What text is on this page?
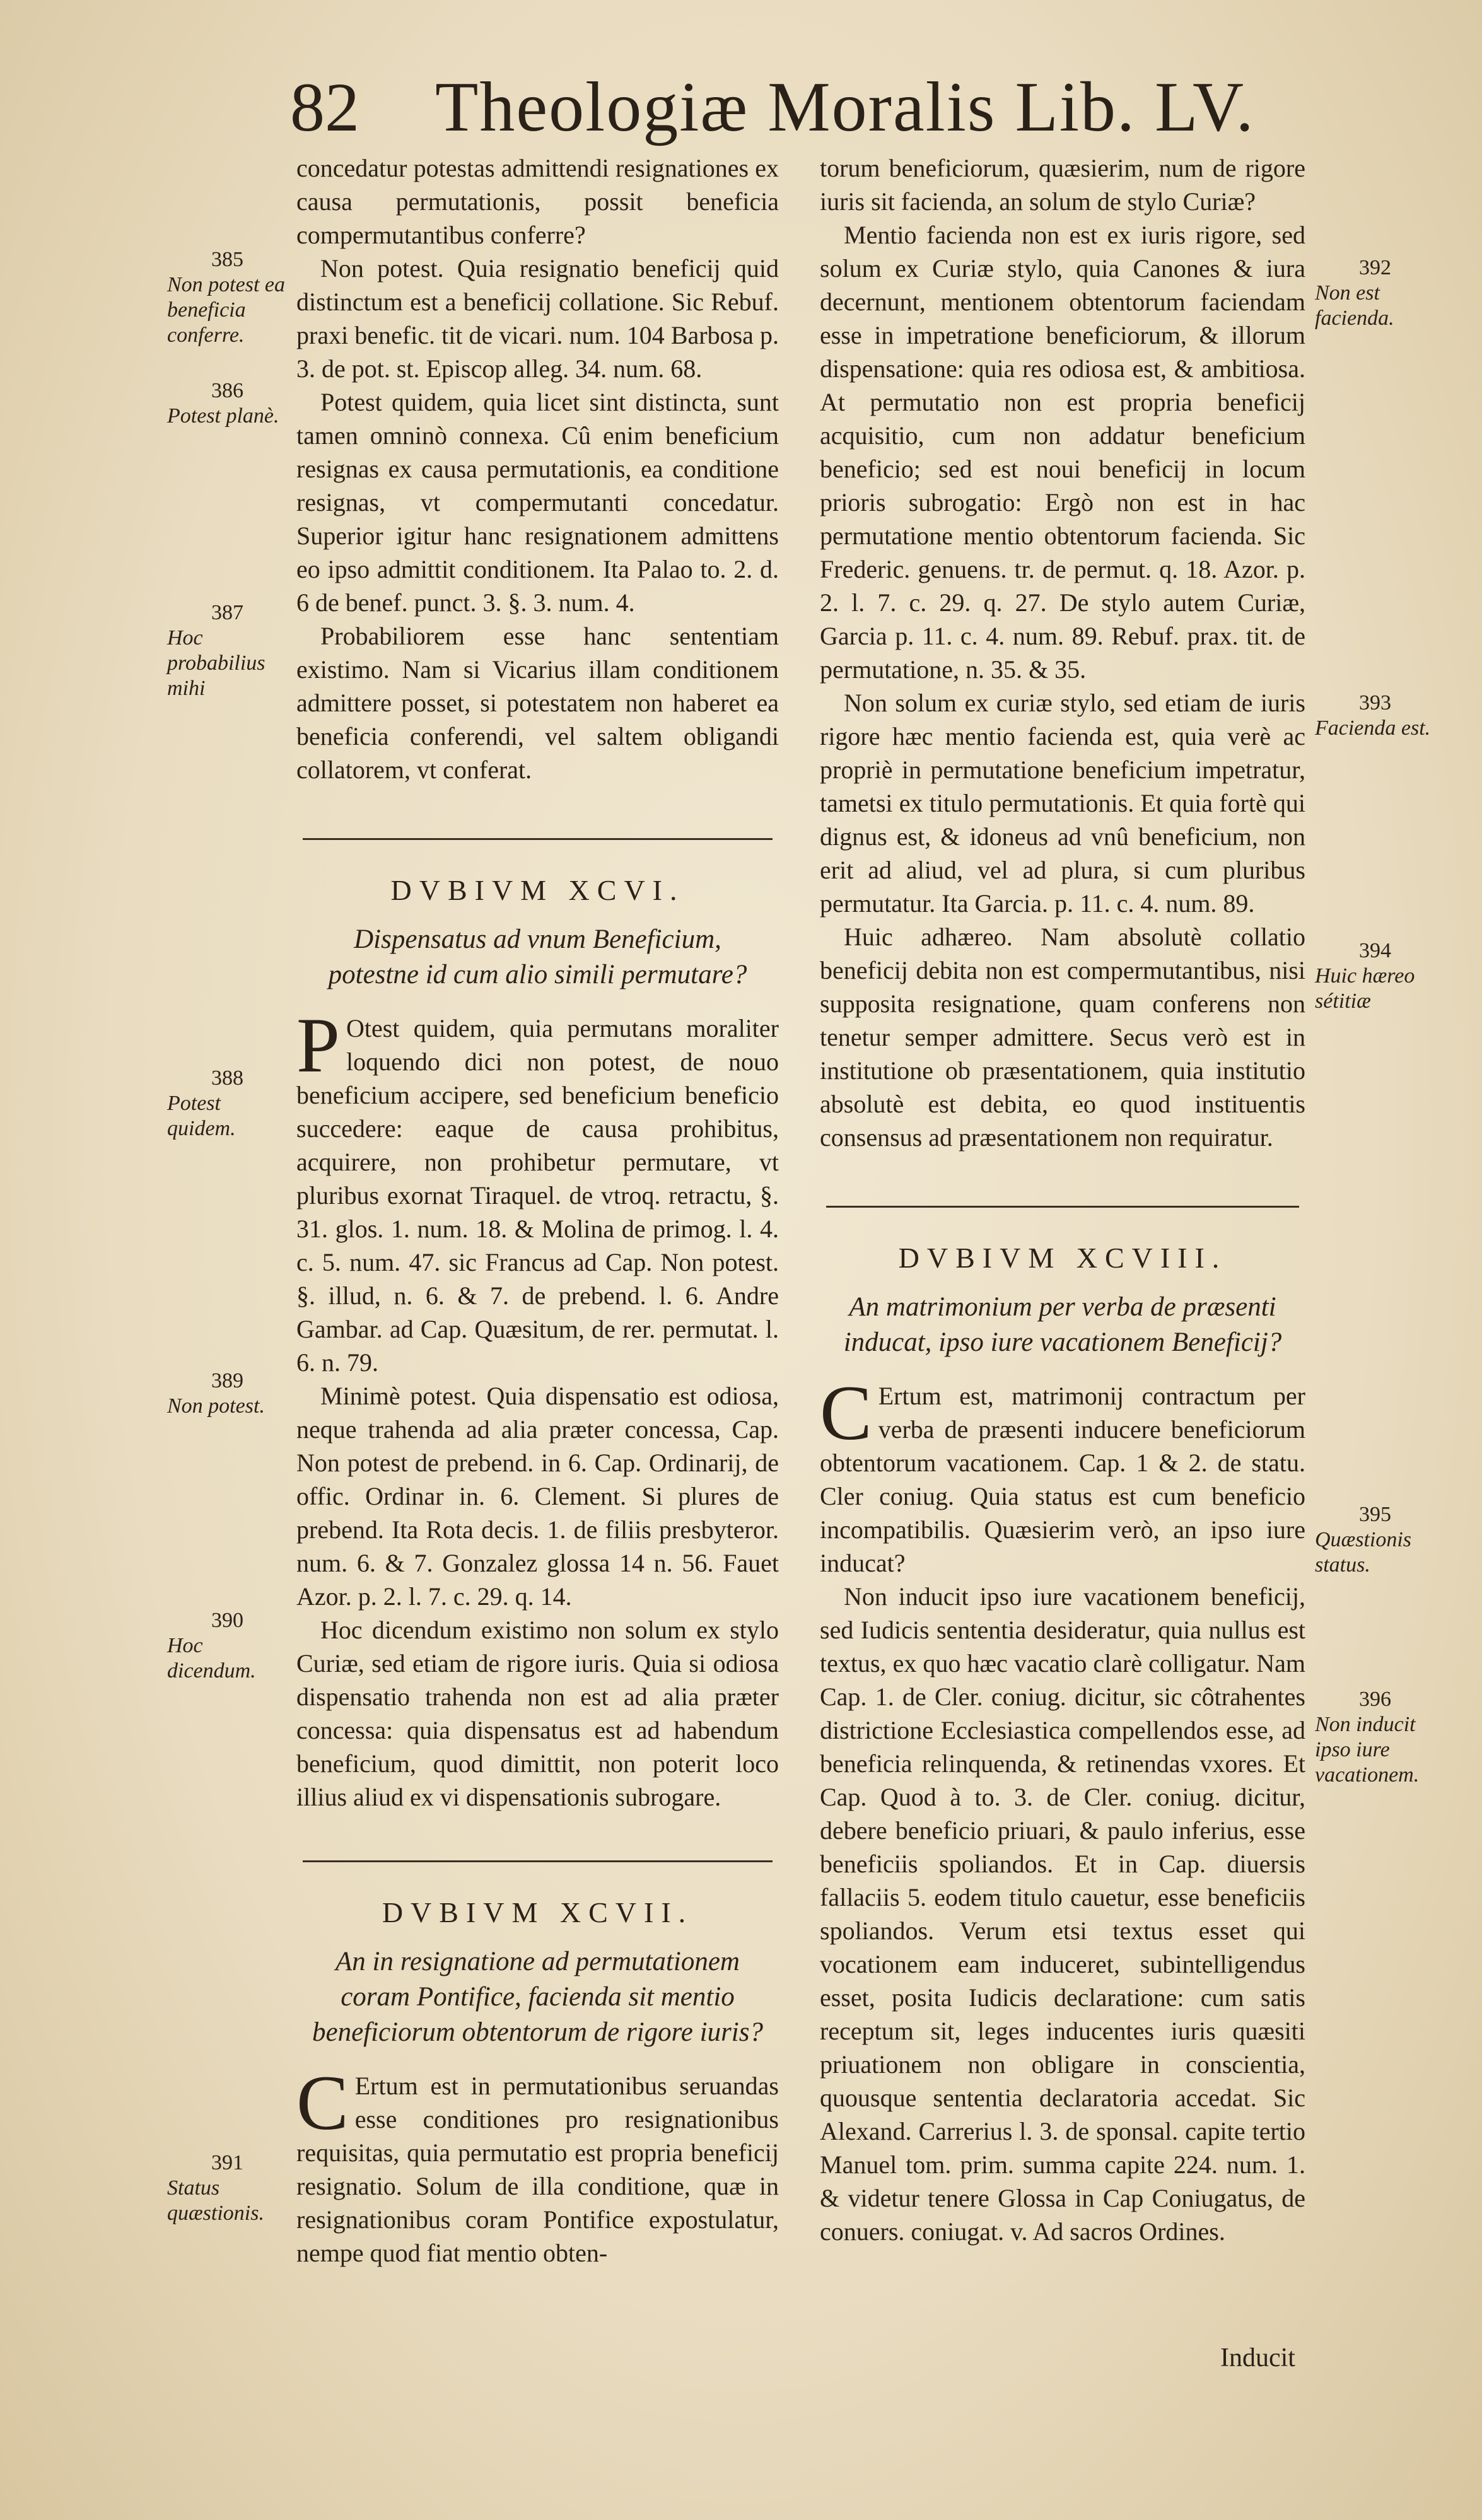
82 Theologiæ Moralis Lib. LV.

concedatur potestas admittendi resignationes ex causa permutationis, possit beneficia compermutantibus conferre?

Non potest. Quia resignatio beneficij quid distinctum est a beneficij collatione. Sic Rebuf. praxi benefic. tit de vicari. num. 104 Barbosa p. 3. de pot. st. Episcop alleg. 34. num. 68.

Potest quidem, quia licet sint distincta, sunt tamen omninò connexa. Cû enim beneficium resignas ex causa permutationis, ea conditione resignas, vt compermutanti concedatur. Superior igitur hanc resignationem admittens eo ipso admittit conditionem. Ita Palao to. 2. d. 6 de benef. punct. 3. §. 3. num. 4.

Probabiliorem esse hanc sententiam existimo. Nam si Vicarius illam conditionem admittere posset, si potestatem non haberet ea beneficia conferendi, vel saltem obligandi collatorem, vt conferat.

DVBIVM XCVI.
Dispensatus ad vnum Beneficium, potestne id cum alio simili permutare?
P Otest quidem, quia permutans moraliter loquendo dici non potest, de nouo beneficium accipere, sed beneficium beneficio succedere: eaque de causa prohibitus, acquirere, non prohibetur permutare, vt pluribus exornat Tiraquel. de vtroq. retractu, §. 31. glos. 1. num. 18. & Molina de primog. l. 4. c. 5. num. 47. sic Francus ad Cap. Non potest. §. illud, n. 6. & 7. de prebend. l. 6. Andre Gambar. ad Cap. Quæsitum, de rer. permutat. l. 6. n. 79.

Minimè potest. Quia dispensatio est odiosa, neque trahenda ad alia præter concessa, Cap. Non potest de prebend. in 6. Cap. Ordinarij, de offic. Ordinar in. 6. Clement. Si plures de prebend. Ita Rota decis. 1. de filiis presbyteror. num. 6. & 7. Gonzalez glossa 14 n. 56. Fauet Azor. p. 2. l. 7. c. 29. q. 14.

Hoc dicendum existimo non solum ex stylo Curiæ, sed etiam de rigore iuris. Quia si odiosa dispensatio trahenda non est ad alia præter concessa: quia dispensatus est ad habendum beneficium, quod dimittit, non poterit loco illius aliud ex vi dispensationis subrogare.

DVBIVM XCVII.
An in resignatione ad permutationem coram Pontifice, facienda sit mentio beneficiorum obtentorum de rigore iuris?
C Ertum est in permutationibus seruandas esse conditiones pro resignationibus requisitas, quia permutatio est propria beneficij resignatio. Solum de illa conditione, quæ in resignationibus coram Pontifice expostulatur, nempe quod fiat mentio obten-

torum beneficiorum, quæsierim, num de rigore iuris sit facienda, an solum de stylo Curiæ?

Mentio facienda non est ex iuris rigore, sed solum ex Curiæ stylo, quia Canones & iura decernunt, mentionem obtentorum faciendam esse in impetratione beneficiorum, & illorum dispensatione: quia res odiosa est, & ambitiosa. At permutatio non est propria beneficij acquisitio, cum non addatur beneficium beneficio; sed est noui beneficij in locum prioris subrogatio: Ergò non est in hac permutatione mentio obtentorum facienda. Sic Frederic. genuens. tr. de permut. q. 18. Azor. p. 2. l. 7. c. 29. q. 27. De stylo autem Curiæ, Garcia p. 11. c. 4. num. 89. Rebuf. prax. tit. de permutatione, n. 35. & 35.

Non solum ex curiæ stylo, sed etiam de iuris rigore hæc mentio facienda est, quia verè ac propriè in permutatione beneficium impetratur, tametsi ex titulo permutationis. Et quia fortè qui dignus est, & idoneus ad vnû beneficium, non erit ad aliud, vel ad plura, si cum pluribus permutatur. Ita Garcia. p. 11. c. 4. num. 89.

Huic adhæreo. Nam absolutè collatio beneficij debita non est compermutantibus, nisi supposita resignatione, quam conferens non tenetur semper admittere. Secus verò est in institutione ob præsentationem, quia institutio absolutè est debita, eo quod instituentis consensus ad præsentationem non requiratur.

DVBIVM XCVIII.
An matrimonium per verba de præsenti inducat, ipso iure vacationem Beneficij?
C Ertum est, matrimonij contractum per verba de præsenti inducere beneficiorum obtentorum vacationem. Cap. 1 & 2. de statu. Cler coniug. Quia status est cum beneficio incompatibilis. Quæsierim verò, an ipso iure inducat?

Non inducit ipso iure vacationem beneficij, sed Iudicis sententia desideratur, quia nullus est textus, ex quo hæc vacatio clarè colligatur. Nam Cap. 1. de Cler. coniug. dicitur, sic côtrahentes districtione Ecclesiastica compellendos esse, ad beneficia relinquenda, & retinendas vxores. Et Cap. Quod à to. 3. de Cler. coniug. dicitur, debere beneficio priuari, & paulo inferius, esse beneficiis spoliandos. Et in Cap. diuersis fallaciis 5. eodem titulo cauetur, esse beneficiis spoliandos. Verum etsi textus esset qui vocationem eam induceret, subintelligendus esset, posita Iudicis declaratione: cum satis receptum sit, leges inducentes iuris quæsiti priuationem non obligare in conscientia, quousque sententia declaratoria accedat. Sic Alexand. Carrerius l. 3. de sponsal. capite tertio Manuel tom. prim. summa capite 224. num. 1. & videtur tenere Glossa in Cap Coniugatus, de conuers. coniugat. v. Ad sacros Ordines.

385
Non potest ea beneficia conferre.
386
Potest planè.
387
Hoc probabilius mihi
388
Potest quidem.
389
Non potest.
390
Hoc dicendum.
391
Status quæstionis.
392
Non est facienda.
393
Facienda est.
394
Huic hæreo sétitiæ
395
Quæstionis status.
396
Non inducit ipso iure vacationem.
Inducit
